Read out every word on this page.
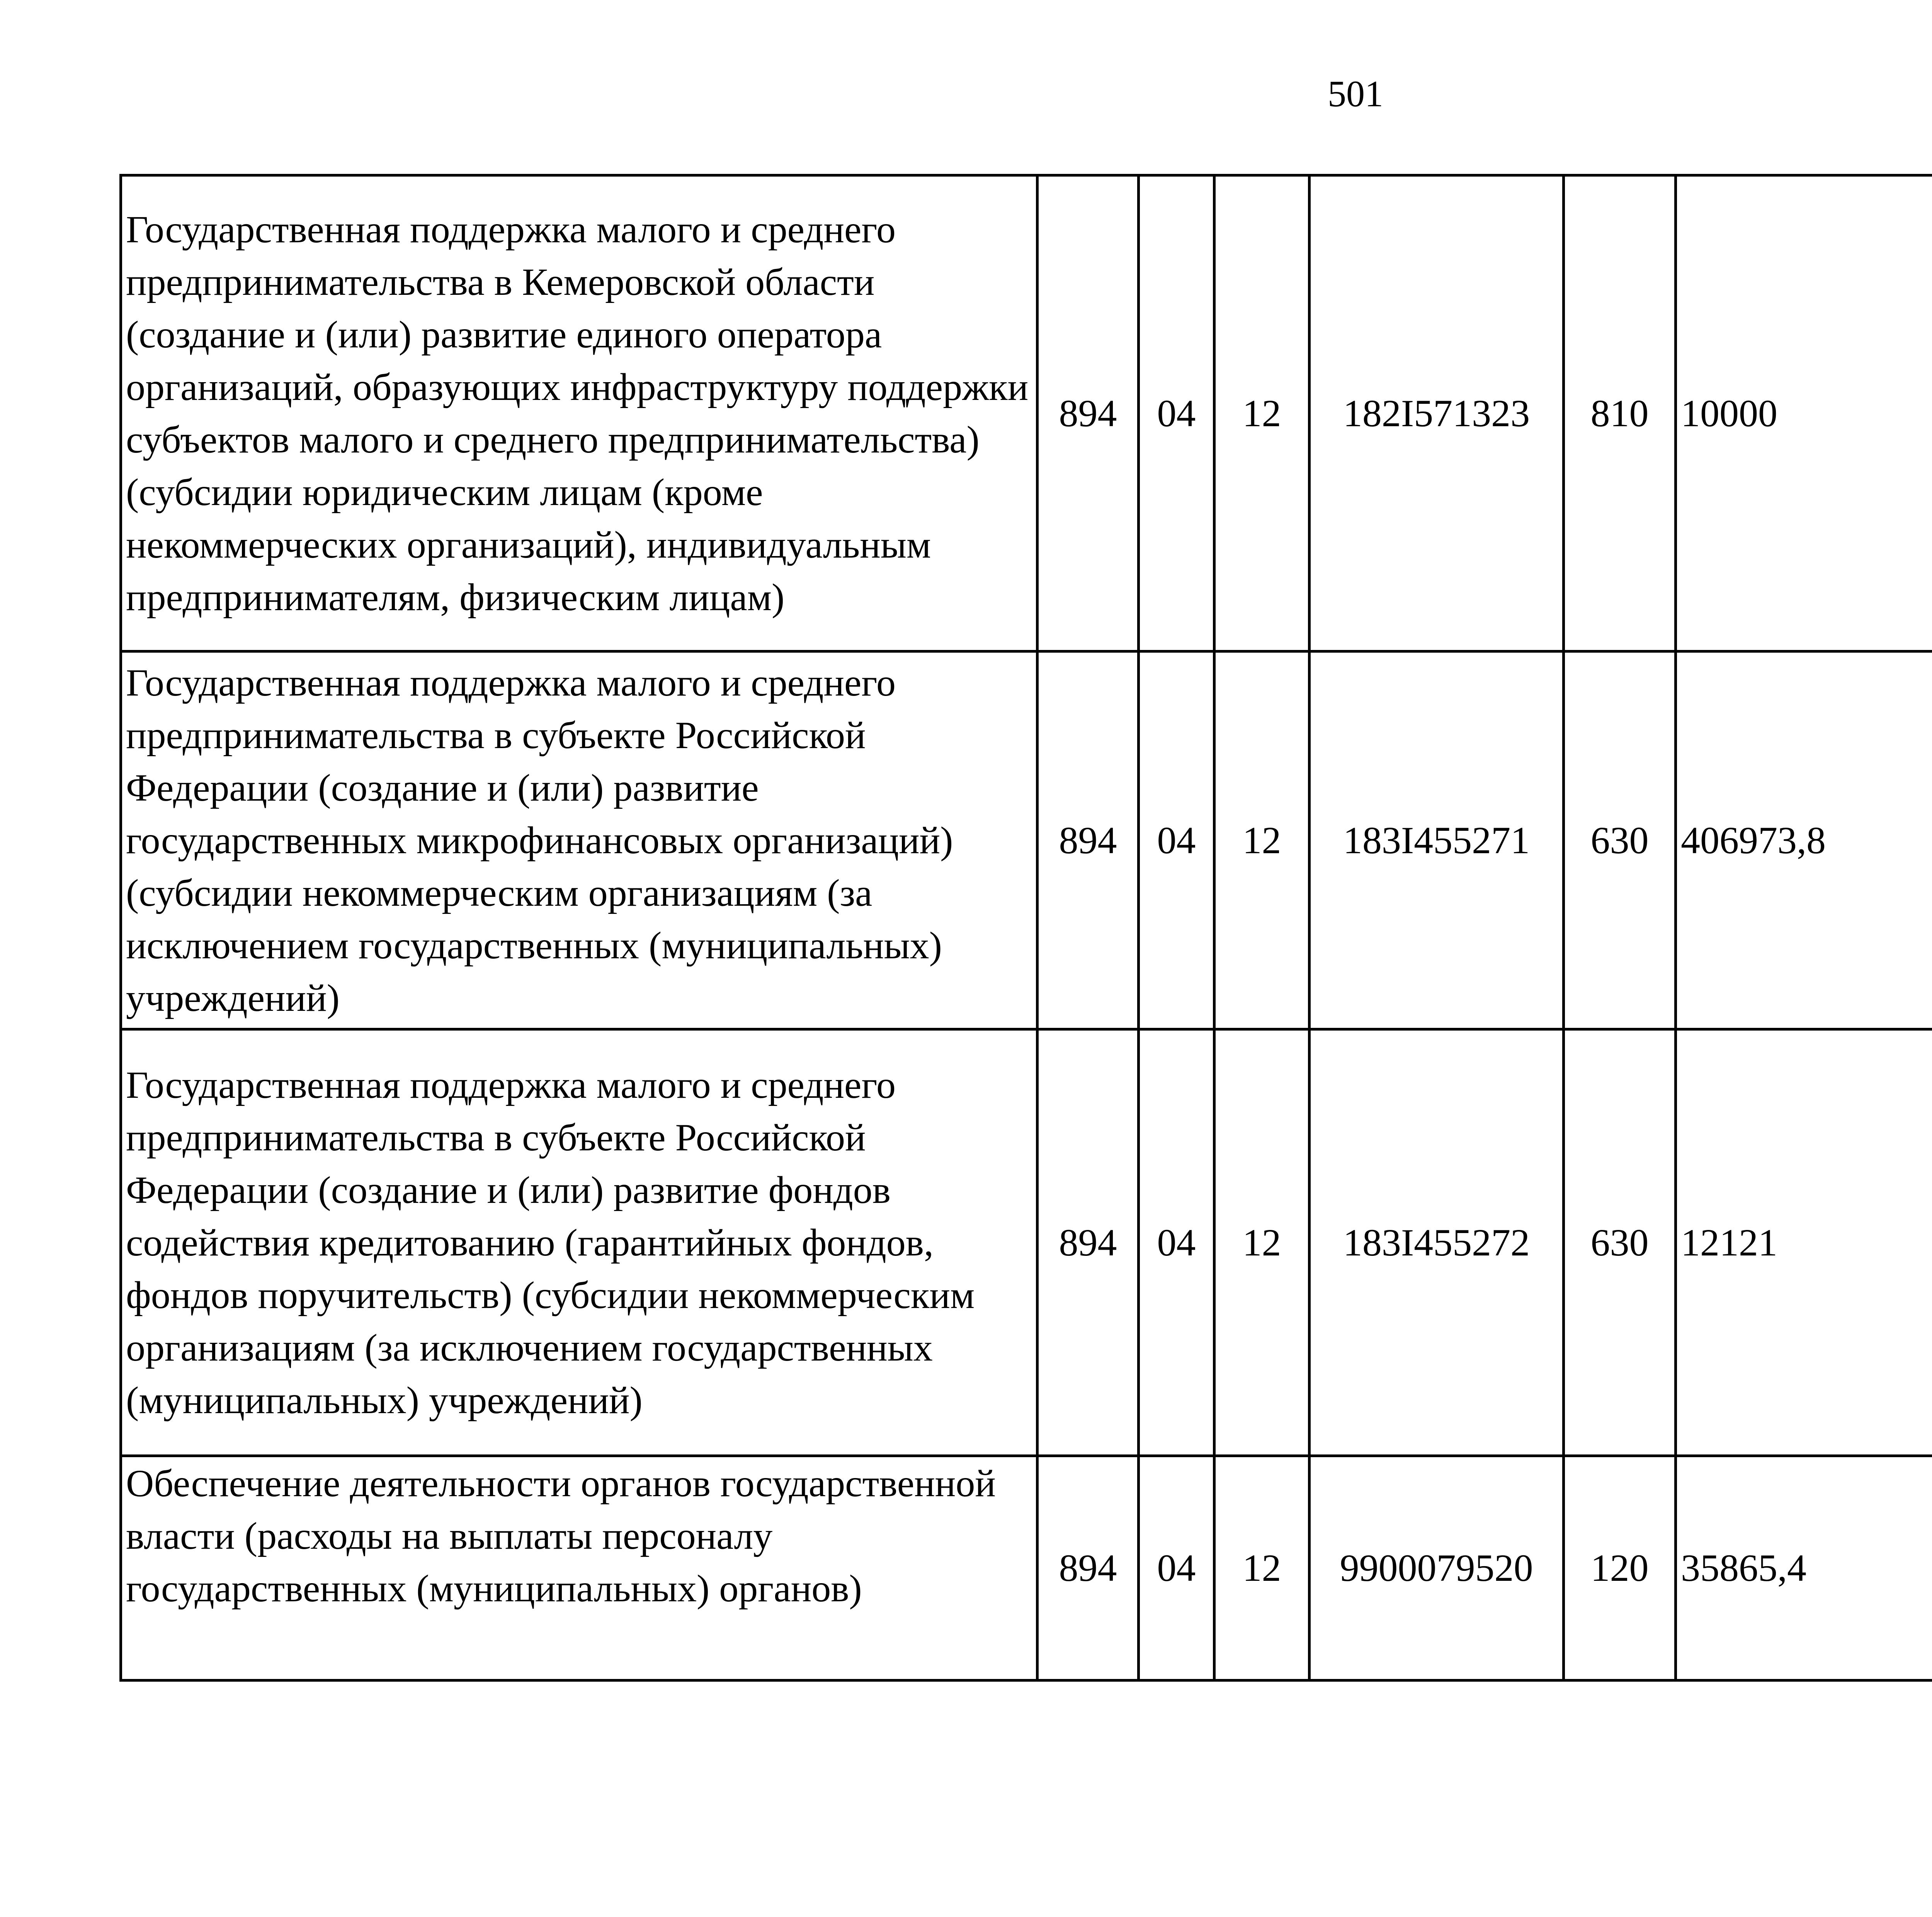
501
Государственная поддержка малого и среднего предпринимательства в Кемеровской области (создание и (или) развитие единого оператора организаций, образующих инфраструктуру поддержки субъектов малого и среднего предпринимательства) (субсидии юридическим лицам (кроме некоммерческих организаций), индивидуальным предпринимателям, физическим лицам)	894	04	12	182I571323	810	10000		
Государственная поддержка малого и среднего предпринимательства в субъекте Российской Федерации (создание и (или) развитие государственных микрофинансовых организаций) (субсидии некоммерческим организациям (за исключением государственных (муниципальных) учреждений)	894	04	12	183I455271	630	406973,8		
Государственная поддержка малого и среднего предпринимательства в субъекте Российской Федерации (создание и (или) развитие фондов содействия кредитованию (гарантийных фондов, фондов поручительств) (субсидии некоммерческим организациям (за исключением государственных (муниципальных) учреждений)	894	04	12	183I455272	630	12121		
Обеспечение деятельности органов государственной власти (расходы на выплаты персоналу государственных (муниципальных) органов)	894	04	12	9900079520	120	35865,4		
